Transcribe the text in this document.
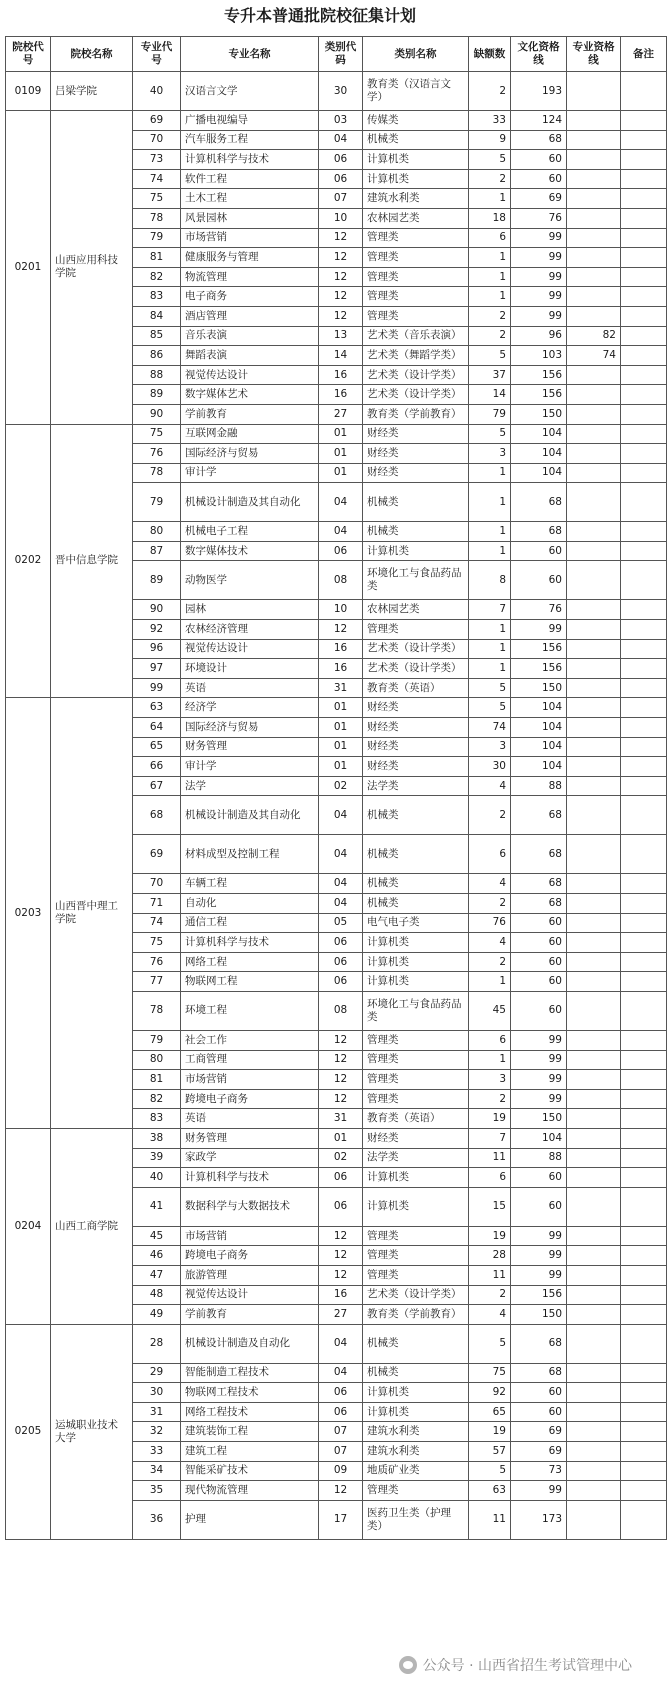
专升本普通批院校征集计划
院校代号	院校名称	专业代号	专业名称	类别代码	类别名称	缺额数	文化资格线	专业资格线	备注
0109	吕梁学院	40	汉语言文学	30	教育类（汉语言文学）	2	193		
0201	山西应用科技学院	69	广播电视编导	03	传媒类	33	124		
		70	汽车服务工程	04	机械类	9	68		
		73	计算机科学与技术	06	计算机类	5	60		
		74	软件工程	06	计算机类	2	60		
		75	土木工程	07	建筑水利类	1	69		
		78	风景园林	10	农林园艺类	18	76		
		79	市场营销	12	管理类	6	99		
		81	健康服务与管理	12	管理类	1	99		
		82	物流管理	12	管理类	1	99		
		83	电子商务	12	管理类	1	99		
		84	酒店管理	12	管理类	2	99		
		85	音乐表演	13	艺术类（音乐表演）	2	96	82	
		86	舞蹈表演	14	艺术类（舞蹈学类）	5	103	74	
		88	视觉传达设计	16	艺术类（设计学类）	37	156		
		89	数字媒体艺术	16	艺术类（设计学类）	14	156		
		90	学前教育	27	教育类（学前教育）	79	150		
0202	晋中信息学院	75	互联网金融	01	财经类	5	104		
		76	国际经济与贸易	01	财经类	3	104		
		78	审计学	01	财经类	1	104		
		79	机械设计制造及其自动化	04	机械类	1	68		
		80	机械电子工程	04	机械类	1	68		
		87	数字媒体技术	06	计算机类	1	60		
		89	动物医学	08	环境化工与食品药品类	8	60		
		90	园林	10	农林园艺类	7	76		
		92	农林经济管理	12	管理类	1	99		
		96	视觉传达设计	16	艺术类（设计学类）	1	156		
		97	环境设计	16	艺术类（设计学类）	1	156		
		99	英语	31	教育类（英语）	5	150		
0203	山西晋中理工学院	63	经济学	01	财经类	5	104		
		64	国际经济与贸易	01	财经类	74	104		
		65	财务管理	01	财经类	3	104		
		66	审计学	01	财经类	30	104		
		67	法学	02	法学类	4	88		
		68	机械设计制造及其自动化	04	机械类	2	68		
		69	材料成型及控制工程	04	机械类	6	68		
		70	车辆工程	04	机械类	4	68		
		71	自动化	04	机械类	2	68		
		74	通信工程	05	电气电子类	76	60		
		75	计算机科学与技术	06	计算机类	4	60		
		76	网络工程	06	计算机类	2	60		
		77	物联网工程	06	计算机类	1	60		
		78	环境工程	08	环境化工与食品药品类	45	60		
		79	社会工作	12	管理类	6	99		
		80	工商管理	12	管理类	1	99		
		81	市场营销	12	管理类	3	99		
		82	跨境电子商务	12	管理类	2	99		
		83	英语	31	教育类（英语）	19	150		
0204	山西工商学院	38	财务管理	01	财经类	7	104		
		39	家政学	02	法学类	11	88		
		40	计算机科学与技术	06	计算机类	6	60		
		41	数据科学与大数据技术	06	计算机类	15	60		
		45	市场营销	12	管理类	19	99		
		46	跨境电子商务	12	管理类	28	99		
		47	旅游管理	12	管理类	11	99		
		48	视觉传达设计	16	艺术类（设计学类）	2	156		
		49	学前教育	27	教育类（学前教育）	4	150		
0205	运城职业技术大学	28	机械设计制造及自动化	04	机械类	5	68		
		29	智能制造工程技术	04	机械类	75	68		
		30	物联网工程技术	06	计算机类	92	60		
		31	网络工程技术	06	计算机类	65	60		
		32	建筑装饰工程	07	建筑水利类	19	69		
		33	建筑工程	07	建筑水利类	57	69		
		34	智能采矿技术	09	地质矿业类	5	73		
		35	现代物流管理	12	管理类	63	99		
		36	护理	17	医药卫生类（护理类）	11	173		
公众号 · 山西省招生考试管理中心
